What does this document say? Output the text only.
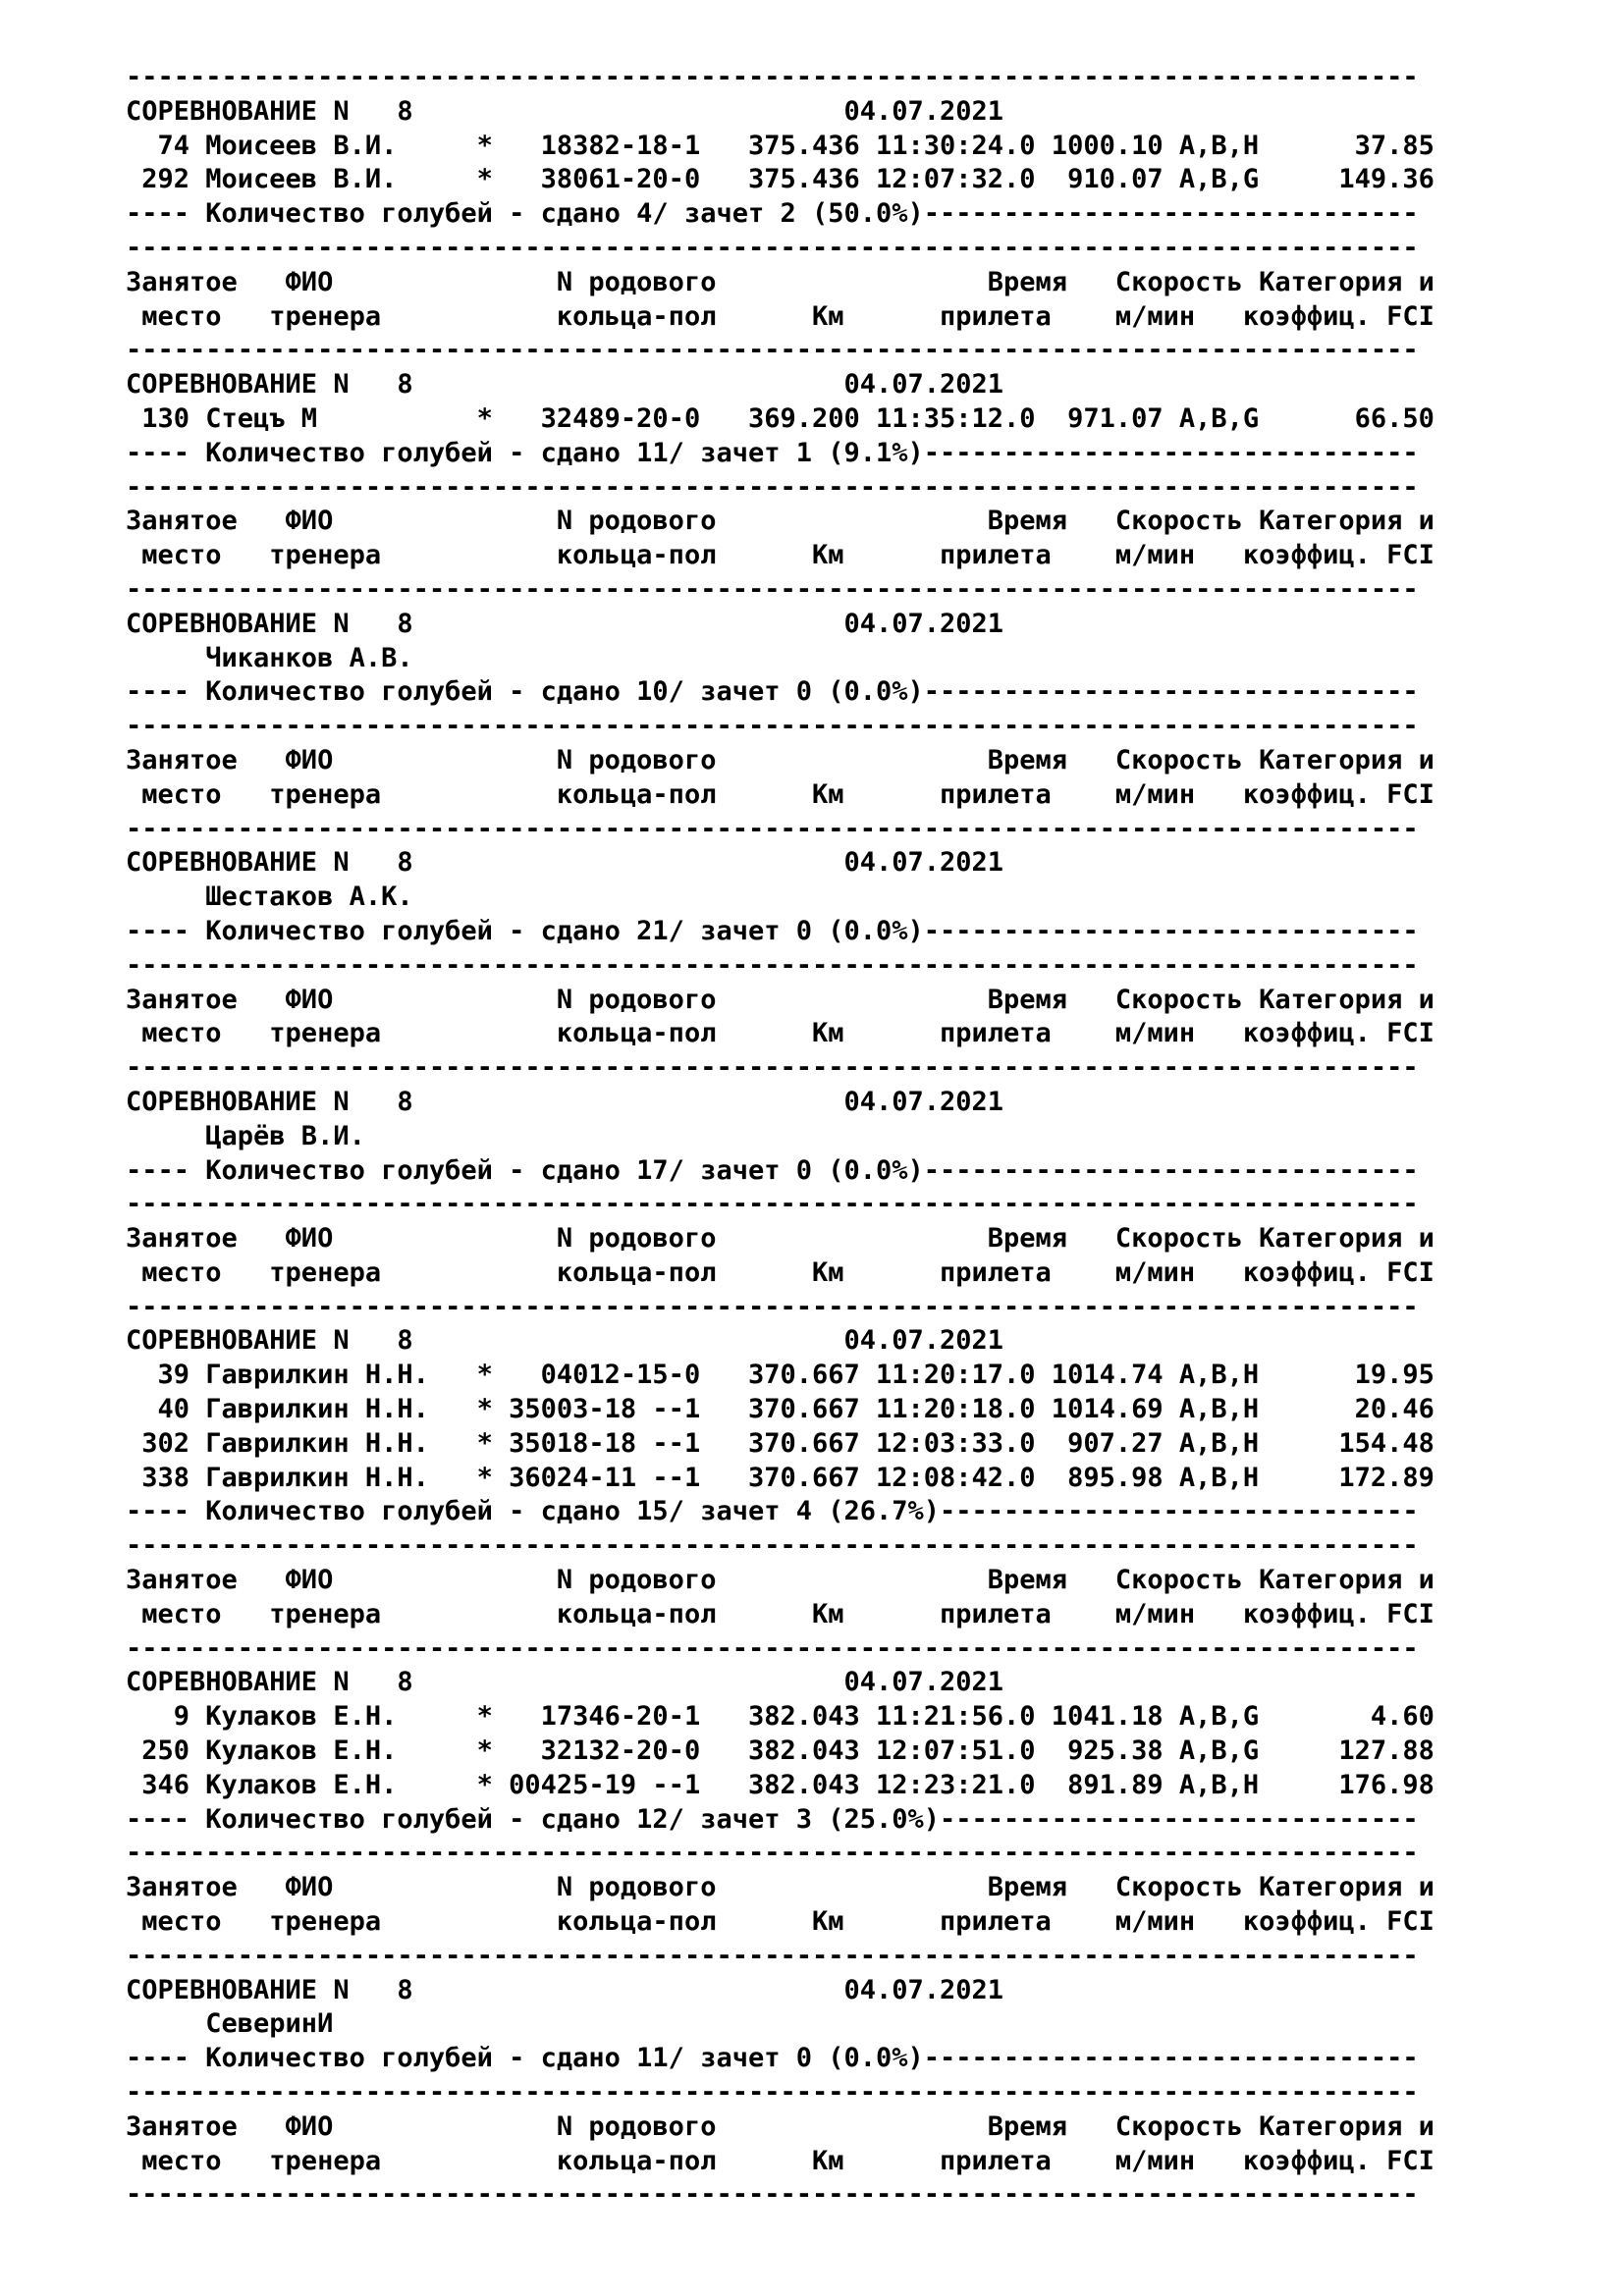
---------------------------------------------------------------------------------
СОРЕВНОВАНИЕ N   8                           04.07.2021
74 Моисеев В.И.     *   18382-18-1   375.436 11:30:24.0 1000.10 A,B,H      37.85
292 Моисеев В.И.     *   38061-20-0   375.436 12:07:32.0  910.07 A,B,G     149.36
---- Количество голубей - сдано 4/ зачет 2 (50.0%)-------------------------------
---------------------------------------------------------------------------------
Занятое   ФИО              N родового                 Время   Скорость Категория и
место   тренера           кольца-пол      Км      прилета    м/мин   коэффиц. FCI
---------------------------------------------------------------------------------
СОРЕВНОВАНИЕ N   8                           04.07.2021
130 Стецъ М          *   32489-20-0   369.200 11:35:12.0  971.07 A,B,G      66.50
---- Количество голубей - сдано 11/ зачет 1 (9.1%)-------------------------------
---------------------------------------------------------------------------------
Занятое   ФИО              N родового                 Время   Скорость Категория и
место   тренера           кольца-пол      Км      прилета    м/мин   коэффиц. FCI
---------------------------------------------------------------------------------
СОРЕВНОВАНИЕ N   8                           04.07.2021
Чиканков А.В.
---- Количество голубей - сдано 10/ зачет 0 (0.0%)-------------------------------
---------------------------------------------------------------------------------
Занятое   ФИО              N родового                 Время   Скорость Категория и
место   тренера           кольца-пол      Км      прилета    м/мин   коэффиц. FCI
---------------------------------------------------------------------------------
СОРЕВНОВАНИЕ N   8                           04.07.2021
Шестаков А.К.
---- Количество голубей - сдано 21/ зачет 0 (0.0%)-------------------------------
---------------------------------------------------------------------------------
Занятое   ФИО              N родового                 Время   Скорость Категория и
место   тренера           кольца-пол      Км      прилета    м/мин   коэффиц. FCI
---------------------------------------------------------------------------------
СОРЕВНОВАНИЕ N   8                           04.07.2021
Царёв В.И.
---- Количество голубей - сдано 17/ зачет 0 (0.0%)-------------------------------
---------------------------------------------------------------------------------
Занятое   ФИО              N родового                 Время   Скорость Категория и
место   тренера           кольца-пол      Км      прилета    м/мин   коэффиц. FCI
---------------------------------------------------------------------------------
СОРЕВНОВАНИЕ N   8                           04.07.2021
39 Гаврилкин Н.Н.   *   04012-15-0   370.667 11:20:17.0 1014.74 A,B,H      19.95
40 Гаврилкин Н.Н.   * 35003-18 --1   370.667 11:20:18.0 1014.69 A,B,H      20.46
302 Гаврилкин Н.Н.   * 35018-18 --1   370.667 12:03:33.0  907.27 A,B,H     154.48
338 Гаврилкин Н.Н.   * 36024-11 --1   370.667 12:08:42.0  895.98 A,B,H     172.89
---- Количество голубей - сдано 15/ зачет 4 (26.7%)------------------------------
---------------------------------------------------------------------------------
Занятое   ФИО              N родового                 Время   Скорость Категория и
место   тренера           кольца-пол      Км      прилета    м/мин   коэффиц. FCI
---------------------------------------------------------------------------------
СОРЕВНОВАНИЕ N   8                           04.07.2021
9 Кулаков Е.Н.     *   17346-20-1   382.043 11:21:56.0 1041.18 A,B,G       4.60
250 Кулаков Е.Н.     *   32132-20-0   382.043 12:07:51.0  925.38 A,B,G     127.88
346 Кулаков Е.Н.     * 00425-19 --1   382.043 12:23:21.0  891.89 A,B,H     176.98
---- Количество голубей - сдано 12/ зачет 3 (25.0%)------------------------------
---------------------------------------------------------------------------------
Занятое   ФИО              N родового                 Время   Скорость Категория и
место   тренера           кольца-пол      Км      прилета    м/мин   коэффиц. FCI
---------------------------------------------------------------------------------
СОРЕВНОВАНИЕ N   8                           04.07.2021
СеверинИ
---- Количество голубей - сдано 11/ зачет 0 (0.0%)-------------------------------
---------------------------------------------------------------------------------
Занятое   ФИО              N родового                 Время   Скорость Категория и
место   тренера           кольца-пол      Км      прилета    м/мин   коэффиц. FCI
---------------------------------------------------------------------------------
